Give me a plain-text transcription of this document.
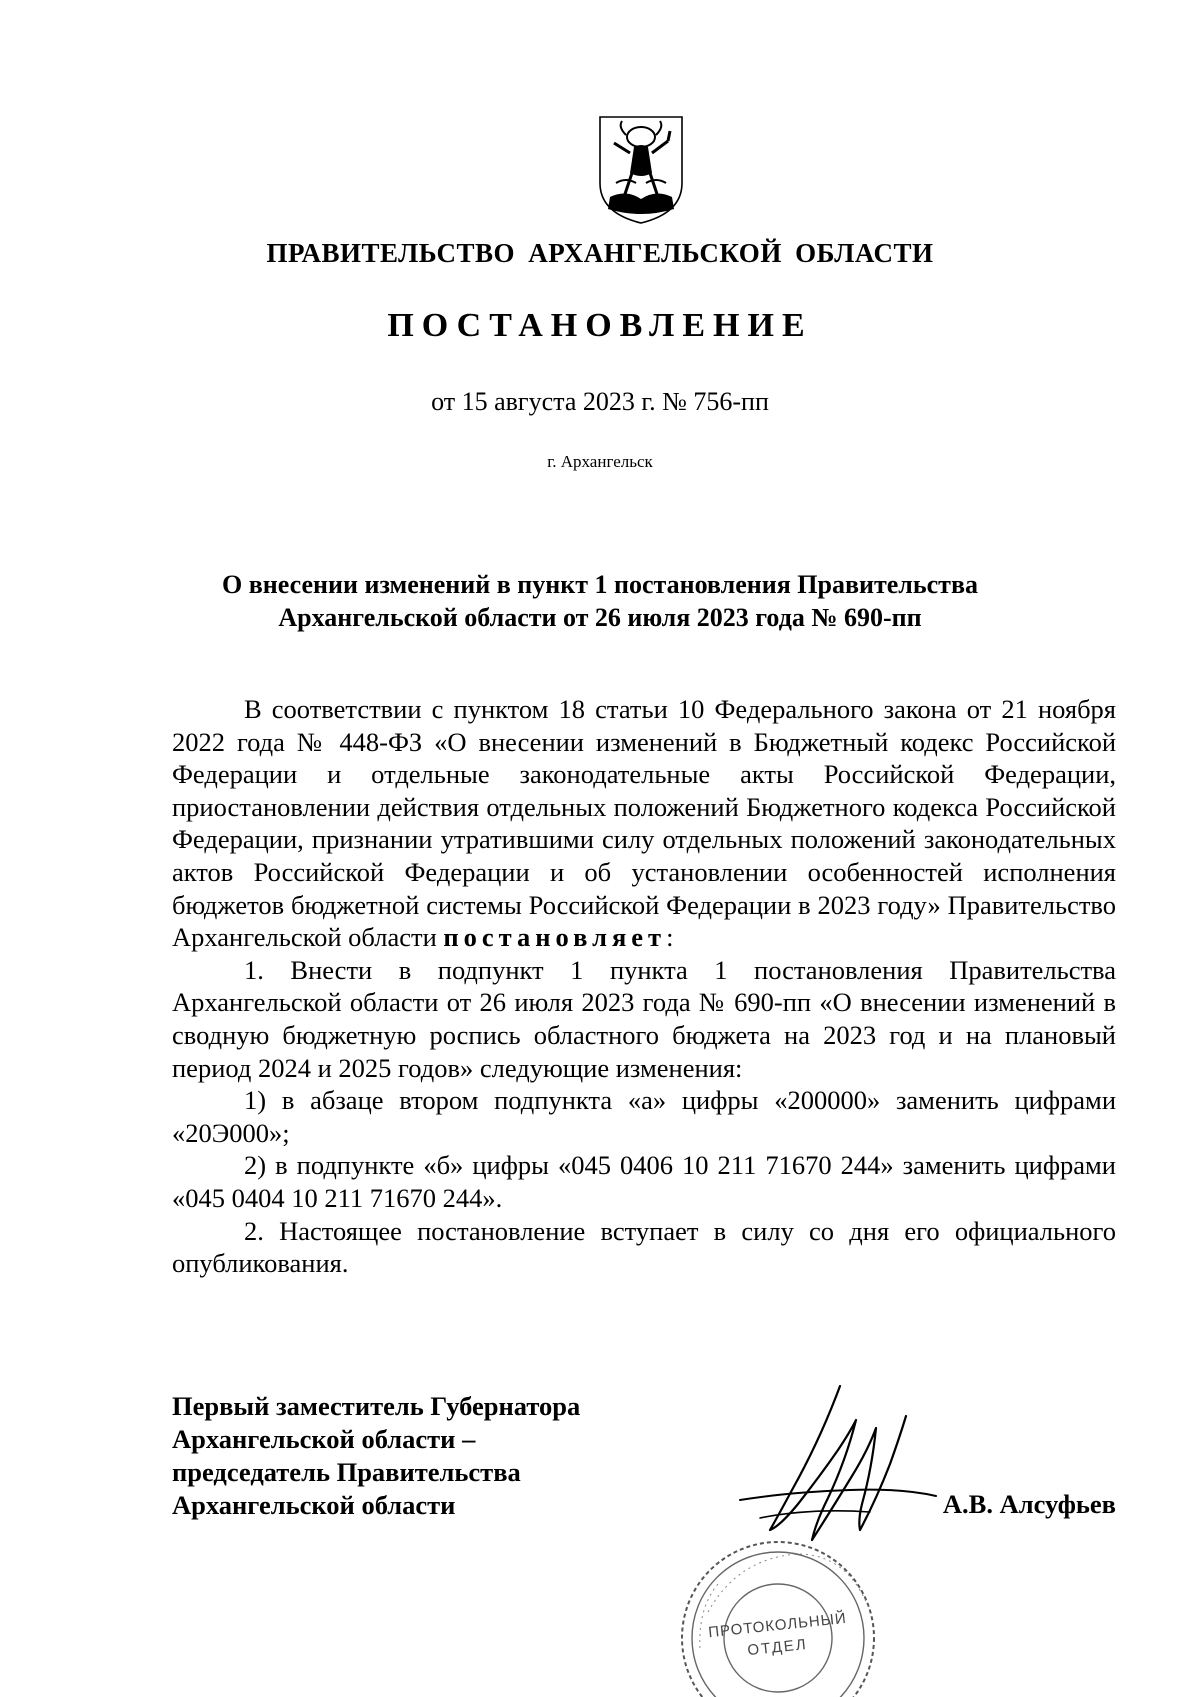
ПРАВИТЕЛЬСТВО АРХАНГЕЛЬСКОЙ ОБЛАСТИ
ПОСТАНОВЛЕНИЕ
от 15 августа 2023 г. № 756-пп
г. Архангельск
О внесении изменений в пункт 1 постановления Правительства
Архангельской области от 26 июля 2023 года № 690-пп

В соответствии с пунктом 18 статьи 10 Федерального закона от 21 ноября 2022 года № 448-ФЗ «О внесении изменений в Бюджетный кодекс Российской Федерации и отдельные законодательные акты Российской Федерации, приостановлении действия отдельных положений Бюджетного кодекса Российской Федерации, признании утратившими силу отдельных положений законодательных актов Российской Федерации и об установлении особенностей исполнения бюджетов бюджетной системы Российской Федерации в 2023 году» Правительство Архангельской области постановляет:

1. Внести в подпункт 1 пункта 1 постановления Правительства Архангельской области от 26 июля 2023 года № 690-пп «О внесении изменений в сводную бюджетную роспись областного бюджета на 2023 год и на плановый период 2024 и 2025 годов» следующие изменения:

1) в абзаце втором подпункта «а» цифры «200000» заменить цифрами «20Э000»;

2) в подпункте «б» цифры «045 0406 10 211 71670 244» заменить цифрами «045 0404 10 211 71670 244».

2. Настоящее постановление вступает в силу со дня его официального опубликования.

Первый заместитель Губернатора
Архангельской области –
председатель Правительства
Архангельской области	А.В. Алсуфьев
ПРОТОКОЛЬНЫЙ
ОТДЕЛ
